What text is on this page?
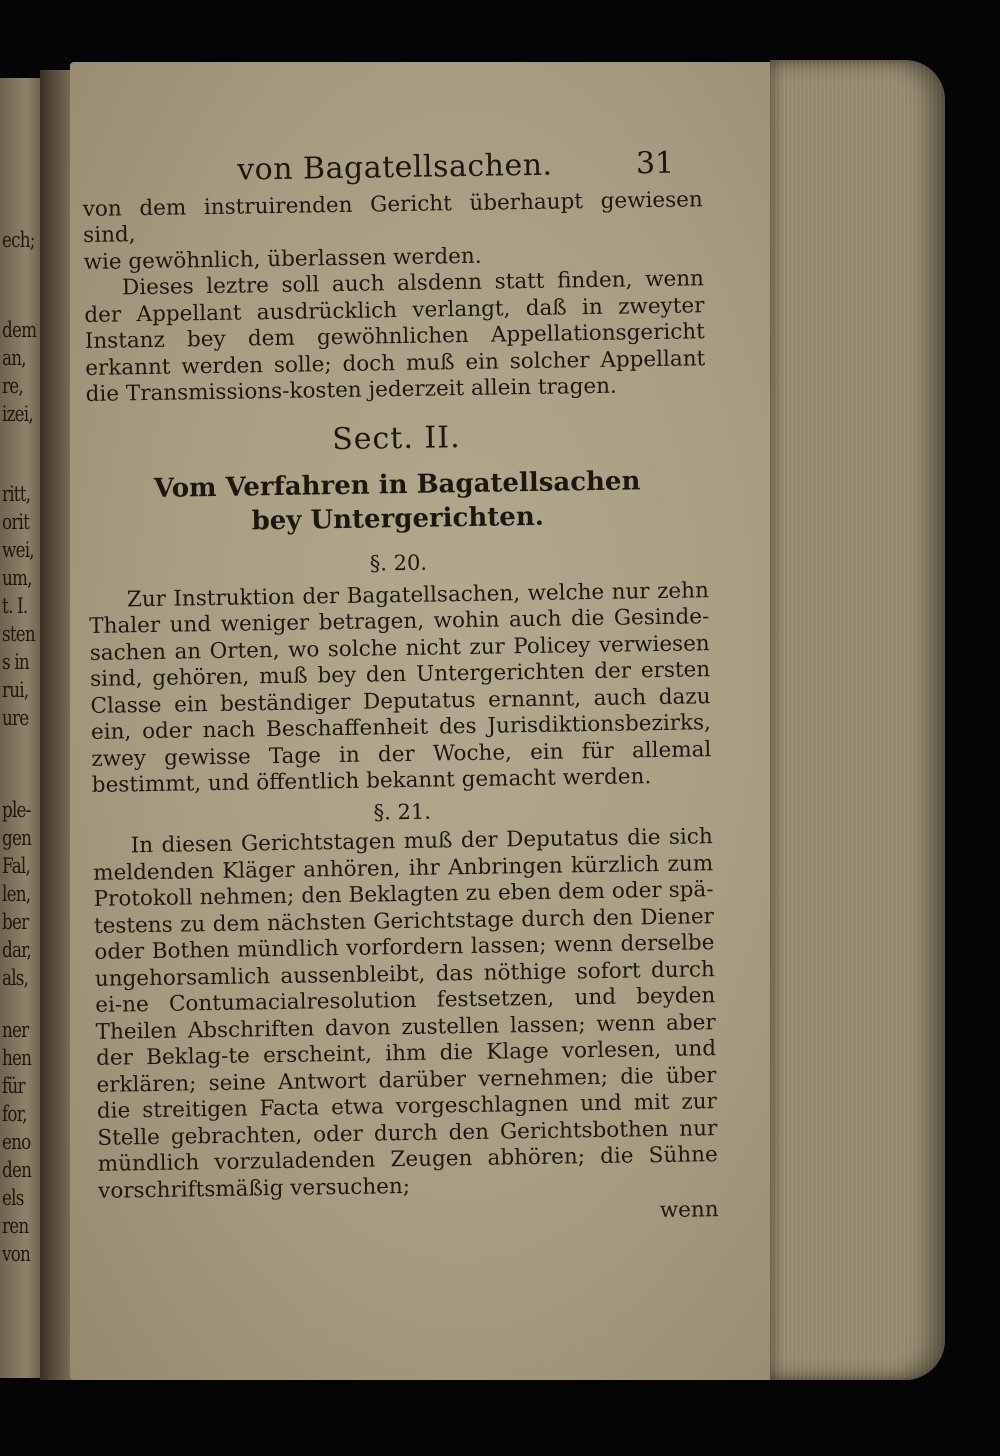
ech;
dem
an,
re,
izei,
ritt,
orit
wei,
um,
t. I.
sten
s in
rui,
ure
ple-
gen
Fal,
len,
ber
dar,
als,
ner
hen
für
for,
eno
den
els
ren
von
von Bagatellsachen.	31

von dem instruirenden Gericht überhaupt gewiesen sind,

wie gewöhnlich, überlassen werden.

Dieses leztre soll auch alsdenn statt finden, wenn der Appellant ausdrücklich verlangt, daß in zweyter Instanz bey dem gewöhnlichen Appellationsgericht erkannt werden solle; doch muß ein solcher Appellant die Transmissions-kosten jederzeit allein tragen.

Sect. II.
Vom Verfahren in Bagatellsachen
bey Untergerichten.
§. 20.

Zur Instruktion der Bagatellsachen, welche nur zehn Thaler und weniger betragen, wohin auch die Gesinde-sachen an Orten, wo solche nicht zur Policey verwiesen sind, gehören, muß bey den Untergerichten der ersten Classe ein beständiger Deputatus ernannt, auch dazu ein, oder nach Beschaffenheit des Jurisdiktionsbezirks, zwey gewisse Tage in der Woche, ein für allemal bestimmt, und öffentlich bekannt gemacht werden.

§. 21.

In diesen Gerichtstagen muß der Deputatus die sich meldenden Kläger anhören, ihr Anbringen kürzlich zum Protokoll nehmen; den Beklagten zu eben dem oder spä-testens zu dem nächsten Gerichtstage durch den Diener oder Bothen mündlich vorfordern lassen; wenn derselbe ungehorsamlich aussenbleibt, das nöthige sofort durch ei-ne Contumacialresolution festsetzen, und beyden Theilen Abschriften davon zustellen lassen; wenn aber der Beklag-te erscheint, ihm die Klage vorlesen, und erklären; seine Antwort darüber vernehmen; die über die streitigen Facta etwa vorgeschlagnen und mit zur Stelle gebrachten, oder durch den Gerichtsbothen nur mündlich vorzuladenden Zeugen abhören; die Sühne vorschriftsmäßig versuchen;

wenn
